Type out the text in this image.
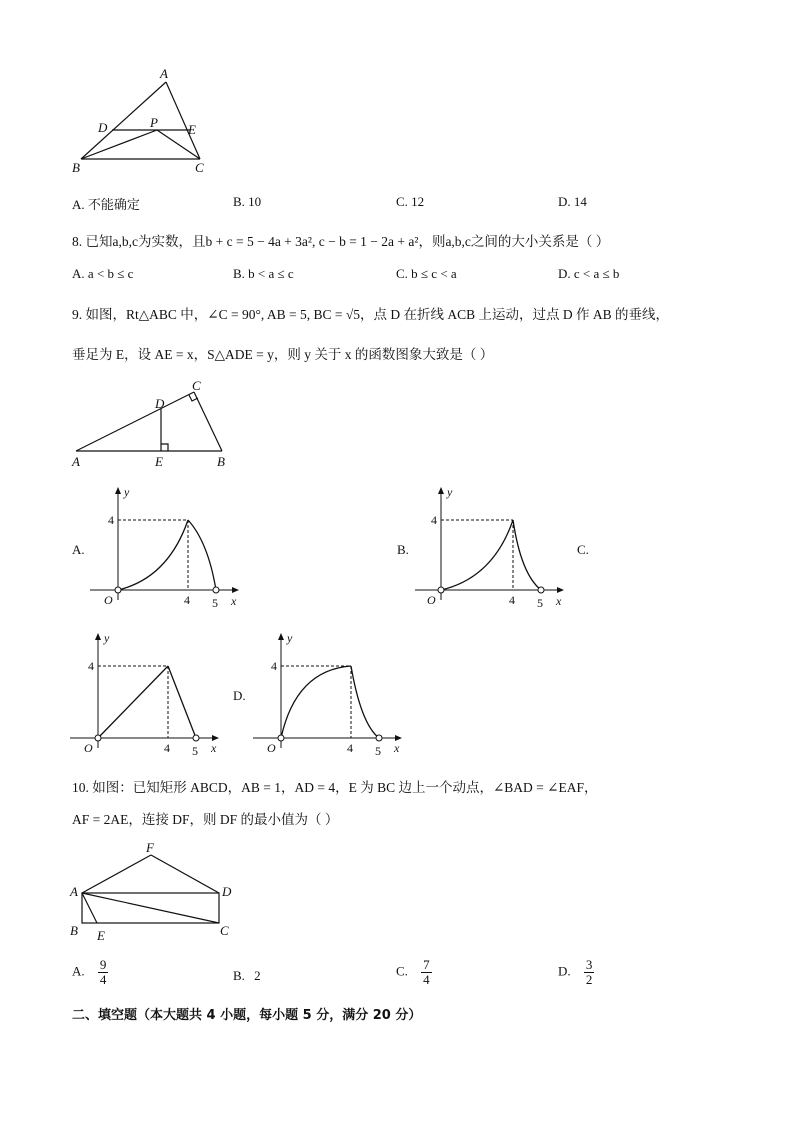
A
D	P E
B	C
A. 不能确定	B. 10	C. 12	D. 14
8. 已知a,b,c为实数，且b + c = 5 − 4a + 3a², c − b = 1 − 2a + a²，则a,b,c之间的大小关系是（ ）
A. a < b ≤ c	B. b < a ≤ c	C. b ≤ c < a	D. c < a ≤ b
9. 如图，Rt△ABC 中，∠C = 90°, AB = 5, BC = √5，点 D 在折线 ACB 上运动，过点 D 作 AB 的垂线，
垂足为 E，设 AE = x，S△ADE = y，则 y 关于 x 的函数图象大致是（ ）
A	B
C
D
E
A.	B.	C.
D.
y
x
O
4
4 5
y
x
O
4
4 5
y
x
O
4
4 5
y
x
O
4
4 5
10. 如图：已知矩形 ABCD，AB = 1，AD = 4，E 为 BC 边上一个动点，∠BAD = ∠EAF，
AF = 2AE，连接 DF，则 DF 的最小值为（ ）
F
A	D
B E	C
A. $\frac{9}{4}$	B. 2	C. $\frac{7}{4}$	D. $\frac{3}{2}$
二、填空题（本大题共 4 小题，每小题 5 分，满分 20 分）
